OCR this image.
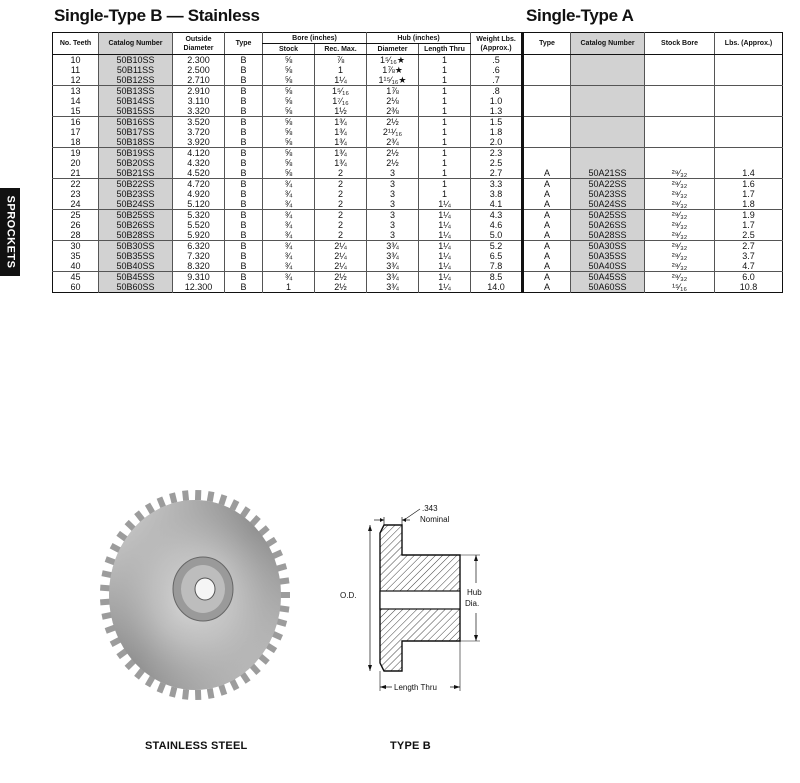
Single-Type B — Stainless	Single-Type A
SPROCKETS
No. Teeth	Catalog Number	Outside Diameter	Type	Bore (inches)		Hub (inches)		Weight Lbs. (Approx.)	Type	Catalog Number	Stock Bore	Lbs. (Approx.)
				Stock	Rec. Max.	Diameter	Length Thru					
10	50B10SS	2.300	B	⅝	⅞	1⁵⁄₁₆★	1	.5				
11	50B11SS	2.500	B	⅝	1	1⅞★	1	.6				
12	50B12SS	2.710	B	⅝	1¼	1¹⁵⁄₁₆★	1	.7				
13	50B13SS	2.910	B	⅝	1⁵⁄₁₆	1⅞	1	.8				
14	50B14SS	3.110	B	⅝	1⁷⁄₁₆	2⅛	1	1.0				
15	50B15SS	3.320	B	⅝	1½	2⅜	1	1.3				
16	50B16SS	3.520	B	⅝	1¾	2½	1	1.5				
17	50B17SS	3.720	B	⅝	1¾	2¹¹⁄₁₆	1	1.8				
18	50B18SS	3.920	B	⅝	1¾	2¾	1	2.0				
19	50B19SS	4.120	B	⅝	1¾	2½	1	2.3				
20	50B20SS	4.320	B	⅝	1¾	2½	1	2.5				
21	50B21SS	4.520	B	⅝	2	3	1	2.7	A	50A21SS	²⁹⁄₃₂	1.4
22	50B22SS	4.720	B	¾	2	3	1	3.3	A	50A22SS	²⁹⁄₃₂	1.6
23	50B23SS	4.920	B	¾	2	3	1	3.8	A	50A23SS	²⁹⁄₃₂	1.7
24	50B24SS	5.120	B	¾	2	3	1¼	4.1	A	50A24SS	²⁹⁄₃₂	1.8
25	50B25SS	5.320	B	¾	2	3	1¼	4.3	A	50A25SS	²⁹⁄₃₂	1.9
26	50B26SS	5.520	B	¾	2	3	1¼	4.6	A	50A26SS	²⁹⁄₃₂	1.7
28	50B28SS	5.920	B	¾	2	3	1¼	5.0	A	50A28SS	²⁹⁄₃₂	2.5
30	50B30SS	6.320	B	¾	2¼	3¾	1¼	5.2	A	50A30SS	²⁹⁄₃₂	2.7
35	50B35SS	7.320	B	¾	2¼	3¾	1¼	6.5	A	50A35SS	²⁹⁄₃₂	3.7
40	50B40SS	8.320	B	¾	2¼	3¾	1¼	7.8	A	50A40SS	²⁹⁄₃₂	4.7
45	50B45SS	9.310	B	¾	2½	3¾	1¼	8.5	A	50A45SS	²⁹⁄₃₂	6.0
60	50B60SS	12.300	B	1	2½	3¾	1¼	14.0	A	50A60SS	¹⁵⁄₁₆	10.8
.343
Nominal
O.D.	Hub
Dia.
Length Thru
STAINLESS STEEL	TYPE B
